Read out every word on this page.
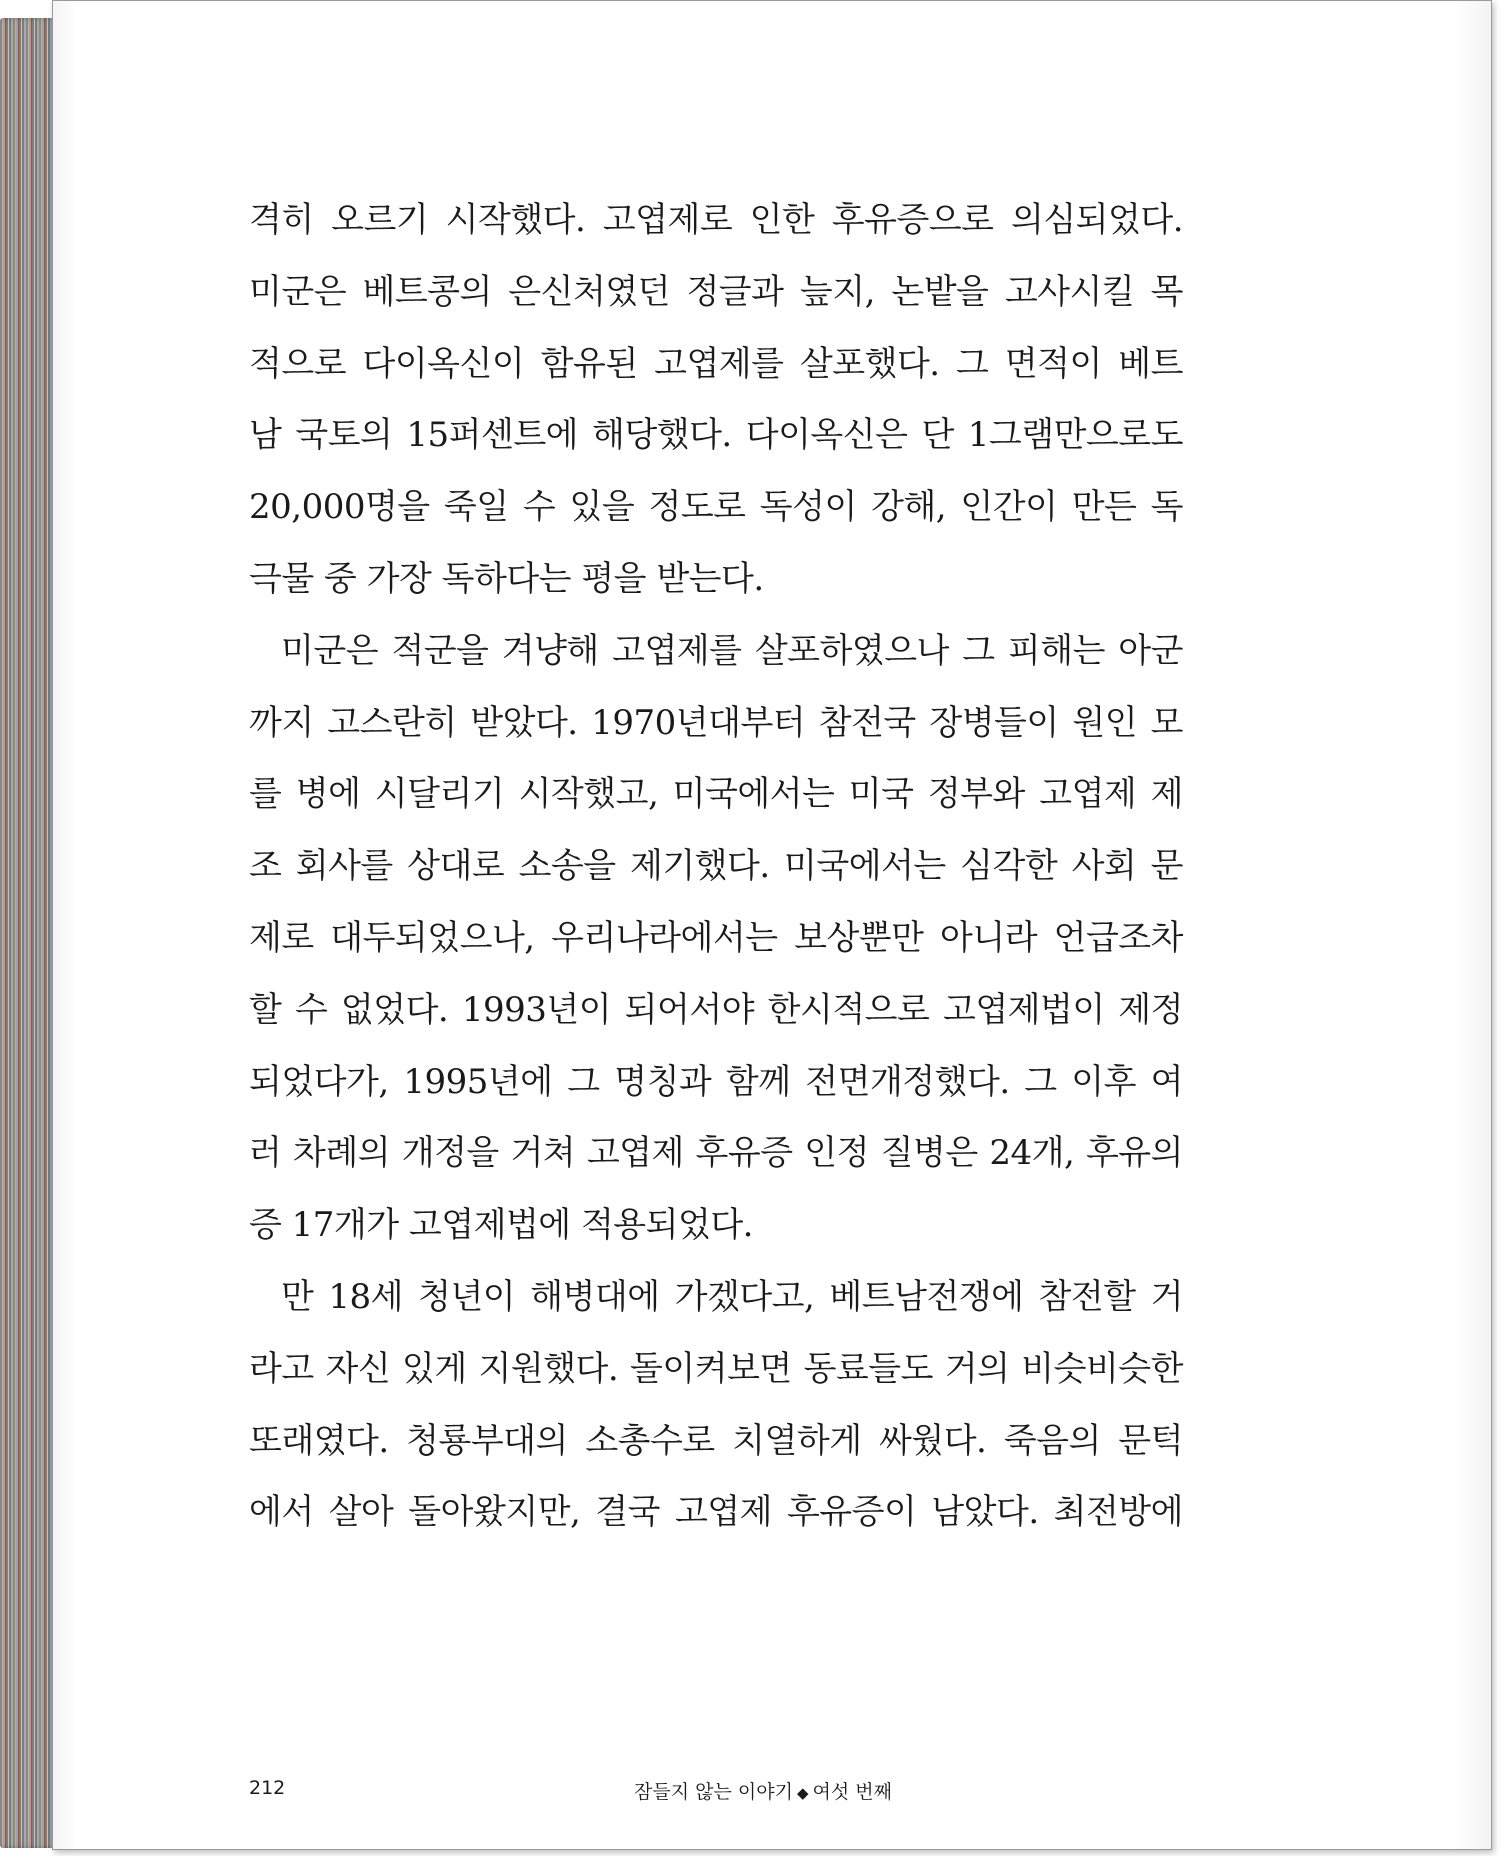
격히 오르기 시작했다. 고엽제로 인한 후유증으로 의심되었다.
미군은 베트콩의 은신처였던 정글과 늪지, 논밭을 고사시킬 목
적으로 다이옥신이 함유된 고엽제를 살포했다. 그 면적이 베트
남 국토의 15퍼센트에 해당했다. 다이옥신은 단 1그램만으로도
20,000명을 죽일 수 있을 정도로 독성이 강해, 인간이 만든 독
극물 중 가장 독하다는 평을 받는다.
미군은 적군을 겨냥해 고엽제를 살포하였으나 그 피해는 아군
까지 고스란히 받았다. 1970년대부터 참전국 장병들이 원인 모
를 병에 시달리기 시작했고, 미국에서는 미국 정부와 고엽제 제
조 회사를 상대로 소송을 제기했다. 미국에서는 심각한 사회 문
제로 대두되었으나, 우리나라에서는 보상뿐만 아니라 언급조차
할 수 없었다. 1993년이 되어서야 한시적으로 고엽제법이 제정
되었다가, 1995년에 그 명칭과 함께 전면개정했다. 그 이후 여
러 차례의 개정을 거쳐 고엽제 후유증 인정 질병은 24개, 후유의
증 17개가 고엽제법에 적용되었다.
만 18세 청년이 해병대에 가겠다고, 베트남전쟁에 참전할 거
라고 자신 있게 지원했다. 돌이켜보면 동료들도 거의 비슷비슷한
또래였다. 청룡부대의 소총수로 치열하게 싸웠다. 죽음의 문턱
에서 살아 돌아왔지만, 결국 고엽제 후유증이 남았다. 최전방에
212	잠들지 않는 이야기 ◆ 여섯 번째
